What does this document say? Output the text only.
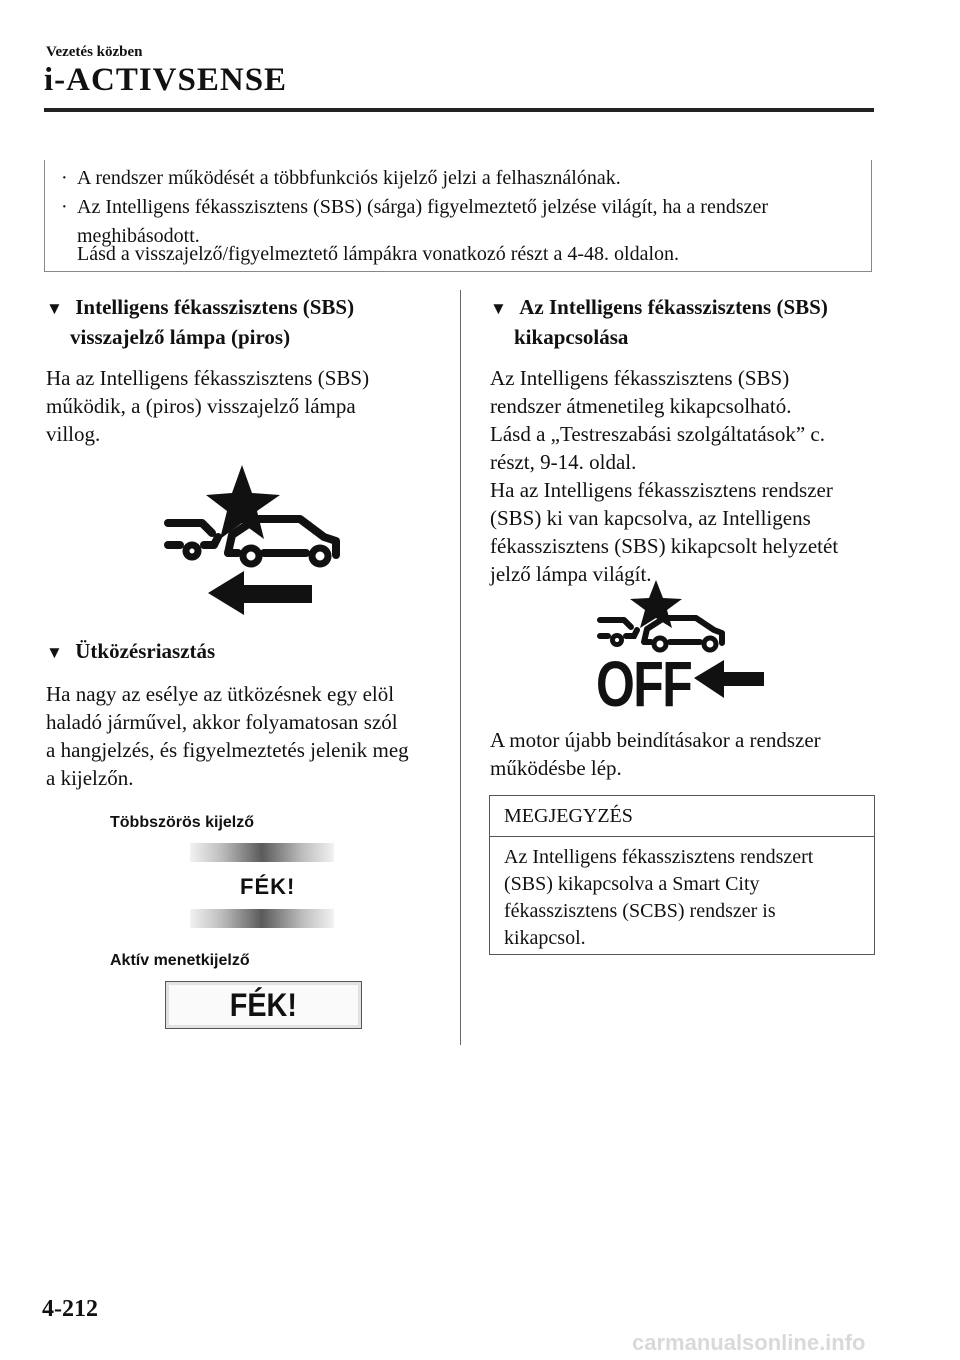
Vezetés közben
i-ACTIVSENSE
· A rendszer működését a többfunkciós kijelző jelzi a felhasználónak.
· Az Intelligens fékasszisztens (SBS) (sárga) figyelmeztető jelzése világít, ha a rendszer
meghibásodott.
Lásd a visszajelző/figyelmeztető lámpákra vonatkozó részt a 4-48. oldalon.
▼ Intelligens fékasszisztens (SBS)
visszajelző lámpa (piros)
Ha az Intelligens fékasszisztens (SBS)
működik, a (piros) visszajelző lámpa
villog.
▼ Ütközésriasztás
Ha nagy az esélye az ütközésnek egy elöl
haladó járművel, akkor folyamatosan szól
a hangjelzés, és figyelmeztetés jelenik meg
a kijelzőn.
Többszörös kijelző
FÉK!
Aktív menetkijelző
FÉK!
▼ Az Intelligens fékasszisztens (SBS)
kikapcsolása
Az Intelligens fékasszisztens (SBS)
rendszer átmenetileg kikapcsolható.
Lásd a „Testreszabási szolgáltatások” c.
részt, 9-14. oldal.
Ha az Intelligens fékasszisztens rendszer
(SBS) ki van kapcsolva, az Intelligens
fékasszisztens (SBS) kikapcsolt helyzetét
jelző lámpa világít.
OFF
A motor újabb beindításakor a rendszer
működésbe lép.
MEGJEGYZÉS
Az Intelligens fékasszisztens rendszert
(SBS) kikapcsolva a Smart City
fékasszisztens (SCBS) rendszer is
kikapcsol.
4-212
carmanualsonline.info
